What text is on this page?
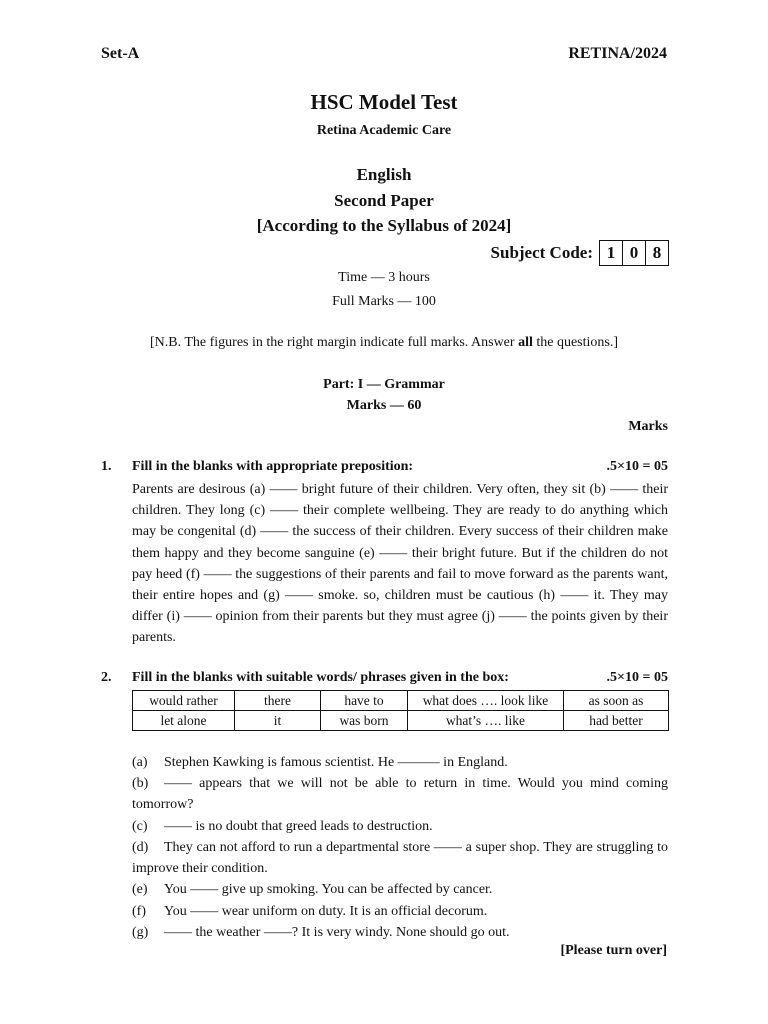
Set-A	RETINA/2024
HSC Model Test
Retina Academic Care
English
Second Paper
[According to the Syllabus of 2024]
Subject Code: 1 0 8
Time — 3 hours
Full Marks — 100
[N.B. The figures in the right margin indicate full marks. Answer all the questions.]
Part: I — Grammar
Marks — 60
Marks
1. Fill in the blanks with appropriate preposition:	.5×10 = 05
Parents are desirous (a) —— bright future of their children. Very often, they sit (b) —— their children. They long (c) —— their complete wellbeing. They are ready to do anything which may be congenital (d) —— the success of their children. Every success of their children make them happy and they become sanguine (e) —— their bright future. But if the children do not pay heed (f) —— the suggestions of their parents and fail to move forward as the parents want, their entire hopes and (g) —— smoke. so, children must be cautious (h) —— it. They may differ (i) —— opinion from their parents but they must agree (j) —— the points given by their parents.
2. Fill in the blanks with suitable words/ phrases given in the box:	.5×10 = 05
would rather	there	have to	what does …. look like	as soon as
let alone	it	was born	what’s …. like	had better
(a) Stephen Kawking is famous scientist. He ——— in England.
(b) —— appears that we will not be able to return in time. Would you mind coming tomorrow?
(c) —— is no doubt that greed leads to destruction.
(d) They can not afford to run a departmental store —— a super shop. They are struggling to improve their condition.
(e) You —— give up smoking. You can be affected by cancer.
(f) You —— wear uniform on duty. It is an official decorum.
(g) —— the weather ——? It is very windy. None should go out.
[Please turn over]
